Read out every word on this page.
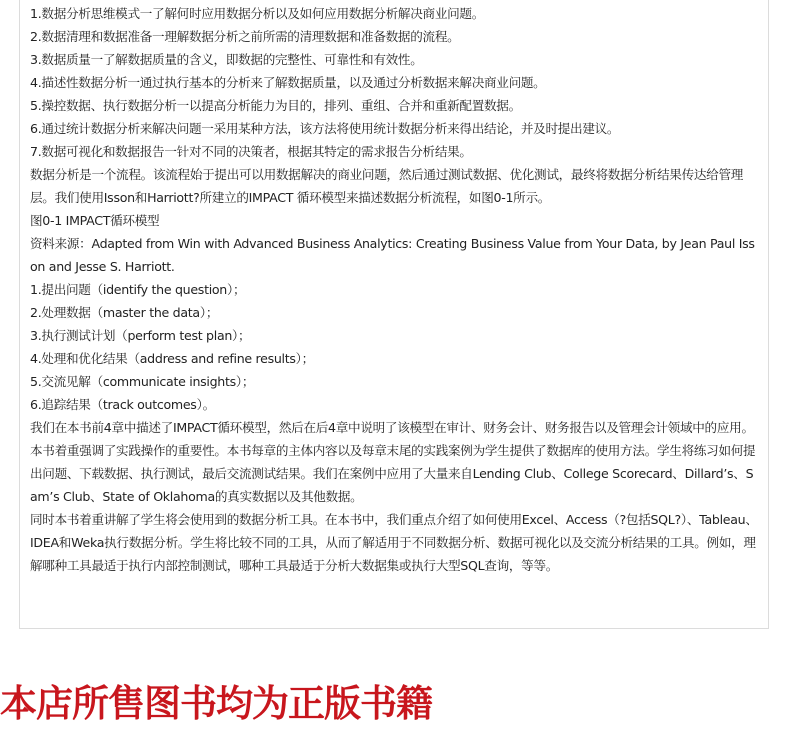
1.数据分析思维模式一了解何时应用数据分析以及如何应用数据分析解决商业问题。

2.数据清理和数据准备一理解数据分析之前所需的清理数据和准备数据的流程。

3.数据质量一了解数据质量的含义，即数据的完整性、可靠性和有效性。

4.描述性数据分析一通过执行基本的分析来了解数据质量，以及通过分析数据来解决商业问题。

5.操控数据、执行数据分析一以提高分析能力为目的，排列、重组、合并和重新配置数据。

6.通过统计数据分析来解决问题一采用某种方法，该方法将使用统计数据分析来得出结论，并及时提出建议。

7.数据可视化和数据报告一针对不同的决策者，根据其特定的需求报告分析结果。

数据分析是一个流程。该流程始于提出可以用数据解决的商业问题，然后通过测试数据、优化测试，最终将数据分析结果传达给管理层。我们使用Isson和Harriott?所建立的IMPACT 循环模型来描述数据分析流程，如图0-1所示。

图0-1 IMPACT循环模型

资料来源：Adapted from Win with Advanced Business Analytics: Creating Business Value from Your Data, by Jean Paul Isson and Jesse S. Harriott.

1.提出问题（identify the question）；

2.处理数据（master the data）；

3.执行测试计划（perform test plan）；

4.处理和优化结果（address and refine results）；

5.交流见解（communicate insights）；

6.追踪结果（track outcomes）。

我们在本书前4章中描述了IMPACT循环模型，然后在后4章中说明了该模型在审计、财务会计、财务报告以及管理会计领域中的应用。

本书着重强调了实践操作的重要性。本书每章的主体内容以及每章末尾的实践案例为学生提供了数据库的使用方法。学生将练习如何提出问题、下载数据、执行测试，最后交流测试结果。我们在案例中应用了大量来自Lending Club、College Scorecard、Dillard’s、Sam’s Club、State of Oklahoma的真实数据以及其他数据。

同时本书着重讲解了学生将会使用到的数据分析工具。在本书中，我们重点介绍了如何使用Excel、Access（?包括SQL?）、Tableau、IDEA和Weka执行数据分析。学生将比较不同的工具，从而了解适用于不同数据分析、数据可视化以及交流分析结果的工具。例如，理解哪种工具最适于执行内部控制测试，哪种工具最适于分析大数据集或执行大型SQL查询，等等。

本店所售图书均为正版书籍
